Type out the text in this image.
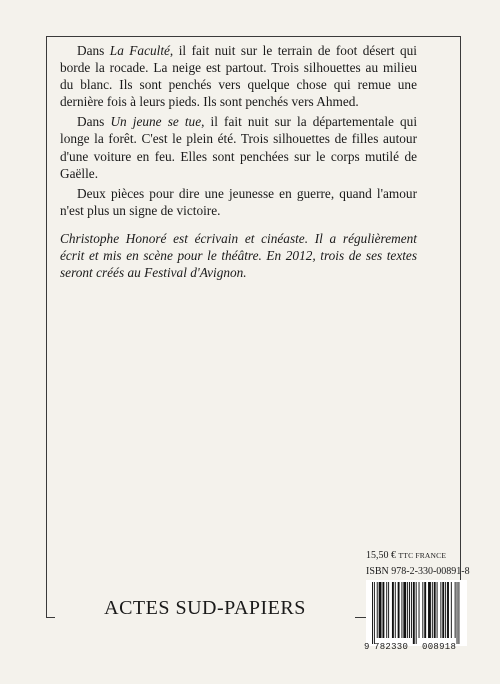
Dans La Faculté, il fait nuit sur le terrain de foot désert qui borde la rocade. La neige est partout. Trois silhouettes au milieu du blanc. Ils sont penchés vers quelque chose qui remue une dernière fois à leurs pieds. Ils sont penchés vers Ahmed.

Dans Un jeune se tue, il fait nuit sur la départementale qui longe la forêt. C'est le plein été. Trois silhouettes de filles autour d'une voiture en feu. Elles sont penchées sur le corps mutilé de Gaëlle.

Deux pièces pour dire une jeunesse en guerre, quand l'amour n'est plus un signe de victoire.

Christophe Honoré est écrivain et cinéaste. Il a régulièrement écrit et mis en scène pour le théâtre. En 2012, trois de ses textes seront créés au Festival d'Avignon.

15,50 € TTC FRANCE
ISBN 978-2-330-00891-8
9 782330 008918
ACTES SUD-PAPIERS
